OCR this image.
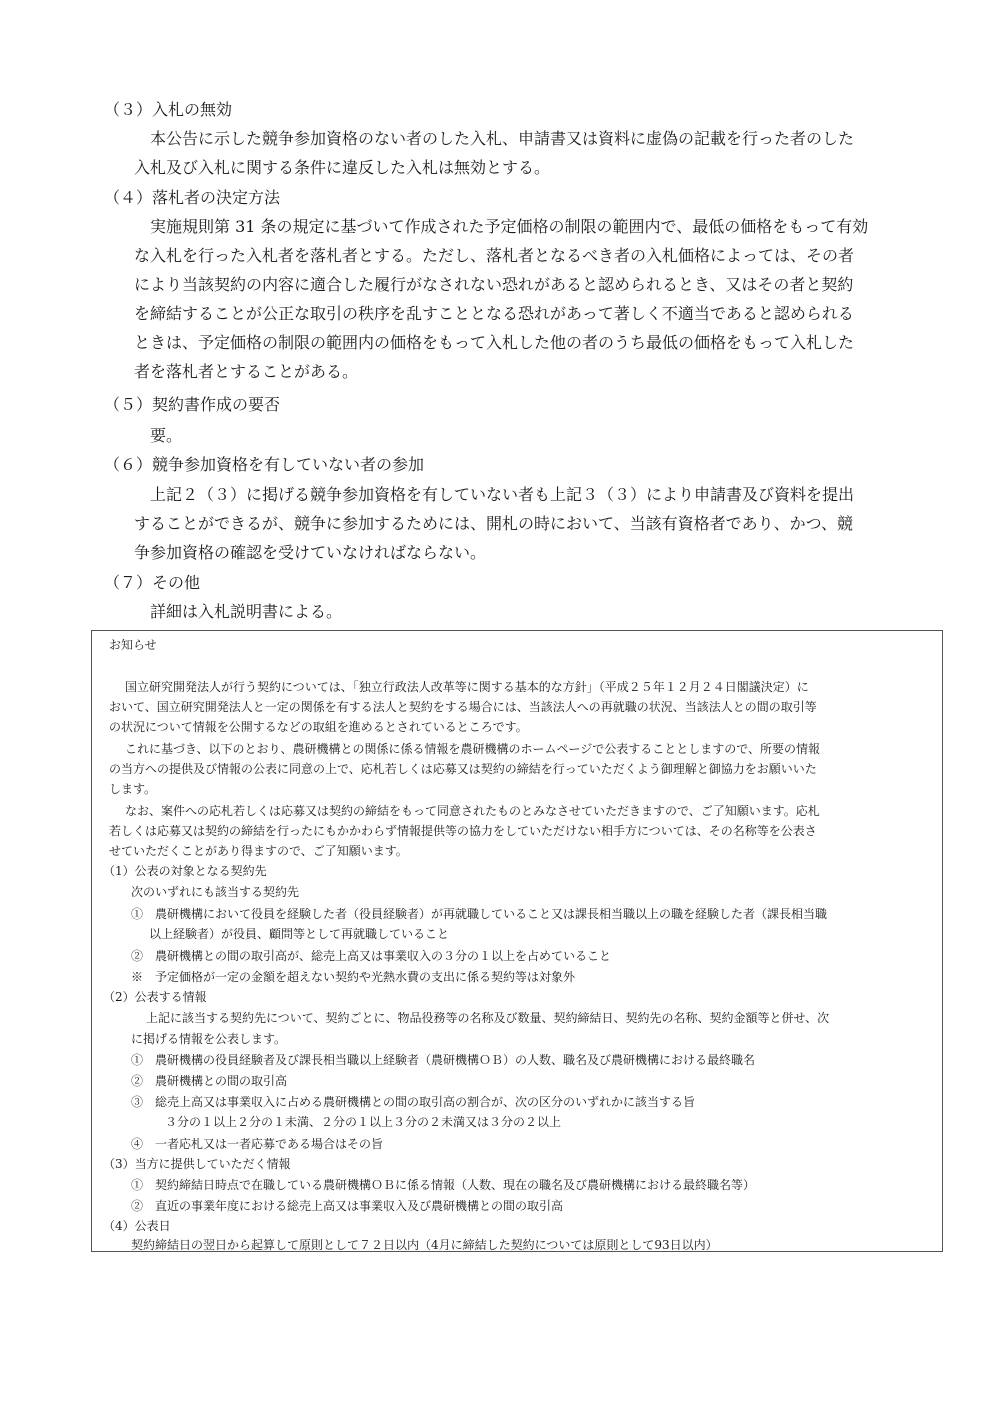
（３）入札の無効
本公告に示した競争参加資格のない者のした入札、申請書又は資料に虚偽の記載を行った者のした
入札及び入札に関する条件に違反した入札は無効とする。
（４）落札者の決定方法
実施規則第 31 条の規定に基づいて作成された予定価格の制限の範囲内で、最低の価格をもって有効
な入札を行った入札者を落札者とする。ただし、落札者となるべき者の入札価格によっては、その者
により当該契約の内容に適合した履行がなされない恐れがあると認められるとき、又はその者と契約
を締結することが公正な取引の秩序を乱すこととなる恐れがあって著しく不適当であると認められる
ときは、予定価格の制限の範囲内の価格をもって入札した他の者のうち最低の価格をもって入札した
者を落札者とすることがある。
（５）契約書作成の要否
要。
（６）競争参加資格を有していない者の参加
上記２（３）に掲げる競争参加資格を有していない者も上記３（３）により申請書及び資料を提出
することができるが、競争に参加するためには、開札の時において、当該有資格者であり、かつ、競
争参加資格の確認を受けていなければならない。
（７）その他
詳細は入札説明書による。
お知らせ
国立研究開発法人が行う契約については、「独立行政法人改革等に関する基本的な方針」（平成２５年１２月２４日閣議決定）に
おいて、国立研究開発法人と一定の関係を有する法人と契約をする場合には、当該法人への再就職の状況、当該法人との間の取引等
の状況について情報を公開するなどの取組を進めるとされているところです。
これに基づき、以下のとおり、農研機構との関係に係る情報を農研機構のホームページで公表することとしますので、所要の情報
の当方への提供及び情報の公表に同意の上で、応札若しくは応募又は契約の締結を行っていただくよう御理解と御協力をお願いいた
します。
なお、案件への応札若しくは応募又は契約の締結をもって同意されたものとみなさせていただきますので、ご了知願います。応札
若しくは応募又は契約の締結を行ったにもかかわらず情報提供等の協力をしていただけない相手方については、その名称等を公表さ
せていただくことがあり得ますので、ご了知願います。
（1）公表の対象となる契約先
次のいずれにも該当する契約先
①　農研機構において役員を経験した者（役員経験者）が再就職していること又は課長相当職以上の職を経験した者（課長相当職
以上経験者）が役員、顧問等として再就職していること
②　農研機構との間の取引高が、総売上高又は事業収入の３分の１以上を占めていること
※　予定価格が一定の金額を超えない契約や光熱水費の支出に係る契約等は対象外
（2）公表する情報
上記に該当する契約先について、契約ごとに、物品役務等の名称及び数量、契約締結日、契約先の名称、契約金額等と併せ、次
に掲げる情報を公表します。
①　農研機構の役員経験者及び課長相当職以上経験者（農研機構ＯＢ）の人数、職名及び農研機構における最終職名
②　農研機構との間の取引高
③　総売上高又は事業収入に占める農研機構との間の取引高の割合が、次の区分のいずれかに該当する旨
３分の１以上２分の１未満、２分の１以上３分の２未満又は３分の２以上
④　一者応札又は一者応募である場合はその旨
（3）当方に提供していただく情報
①　契約締結日時点で在職している農研機構ＯＢに係る情報（人数、現在の職名及び農研機構における最終職名等）
②　直近の事業年度における総売上高又は事業収入及び農研機構との間の取引高
（4）公表日
契約締結日の翌日から起算して原則として７２日以内（4月に締結した契約については原則として93日以内）
